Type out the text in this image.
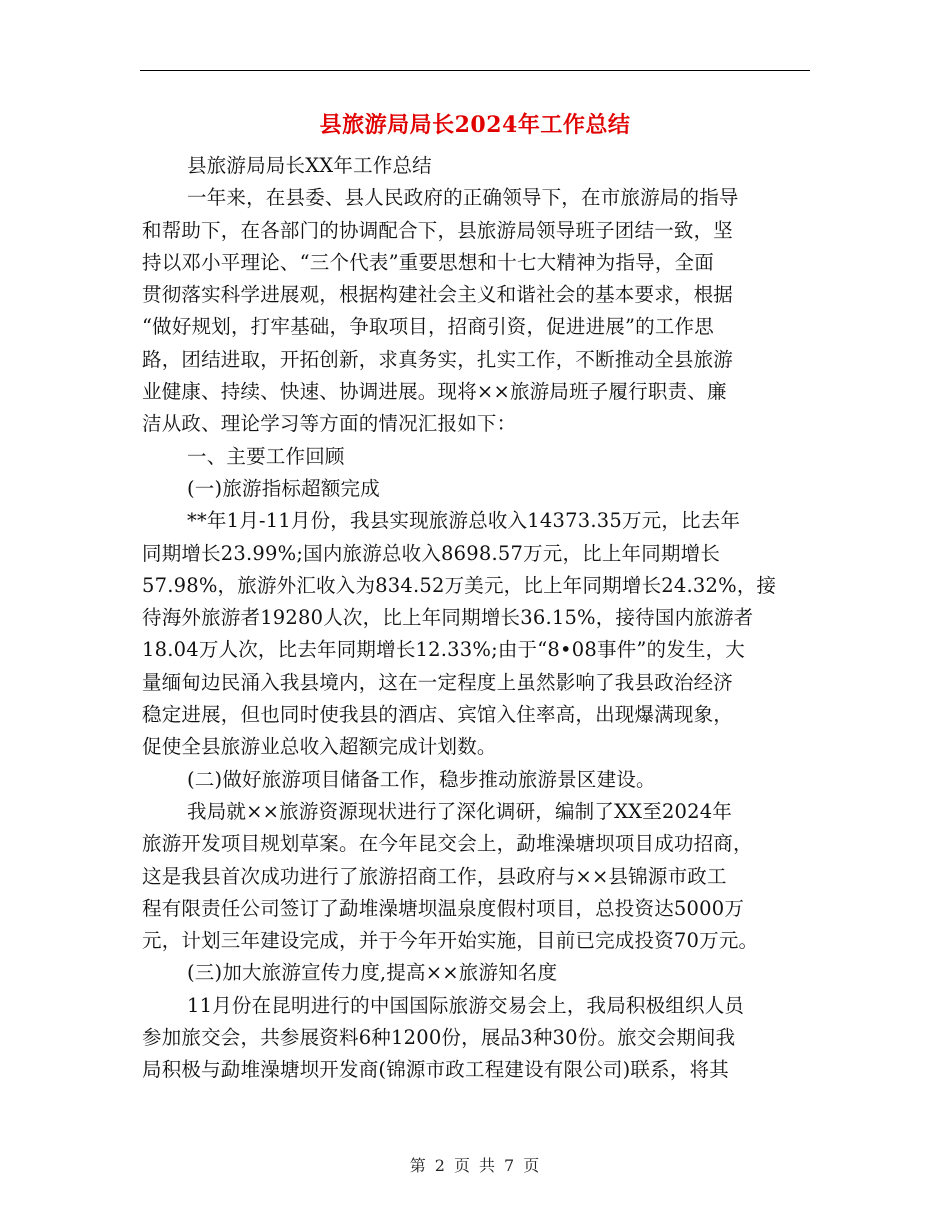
县旅游局局长2024年工作总结
县旅游局局长XX年工作总结
一年来，在县委、县人民政府的正确领导下，在市旅游局的指导
和帮助下，在各部门的协调配合下，县旅游局领导班子团结一致，坚
持以邓小平理论、“三个代表”重要思想和十七大精神为指导，全面
贯彻落实科学进展观，根据构建社会主义和谐社会的基本要求，根据
“做好规划，打牢基础，争取项目，招商引资，促进进展”的工作思
路，团结进取，开拓创新，求真务实，扎实工作，不断推动全县旅游
业健康、持续、快速、协调进展。现将××旅游局班子履行职责、廉
洁从政、理论学习等方面的情况汇报如下：
一、主要工作回顾
(一)旅游指标超额完成
**年1月-11月份，我县实现旅游总收入14373.35万元，比去年
同期增长23.99%;国内旅游总收入8698.57万元，比上年同期增长
57.98%，旅游外汇收入为834.52万美元，比上年同期增长24.32%，接
待海外旅游者19280人次，比上年同期增长36.15%，接待国内旅游者
18.04万人次，比去年同期增长12.33%;由于“8•08事件”的发生，大
量缅甸边民涌入我县境内，这在一定程度上虽然影响了我县政治经济
稳定进展，但也同时使我县的酒店、宾馆入住率高，出现爆满现象，
促使全县旅游业总收入超额完成计划数。
(二)做好旅游项目储备工作，稳步推动旅游景区建设。
我局就××旅游资源现状进行了深化调研，编制了XX至2024年
旅游开发项目规划草案。在今年昆交会上，勐堆澡塘坝项目成功招商，
这是我县首次成功进行了旅游招商工作，县政府与××县锦源市政工
程有限责任公司签订了勐堆澡塘坝温泉度假村项目，总投资达5000万
元，计划三年建设完成，并于今年开始实施，目前已完成投资70万元。
(三)加大旅游宣传力度,提高××旅游知名度
11月份在昆明进行的中国国际旅游交易会上，我局积极组织人员
参加旅交会，共参展资料6种1200份，展品3种30份。旅交会期间我
局积极与勐堆澡塘坝开发商(锦源市政工程建设有限公司)联系，将其
第 2 页 共 7 页
